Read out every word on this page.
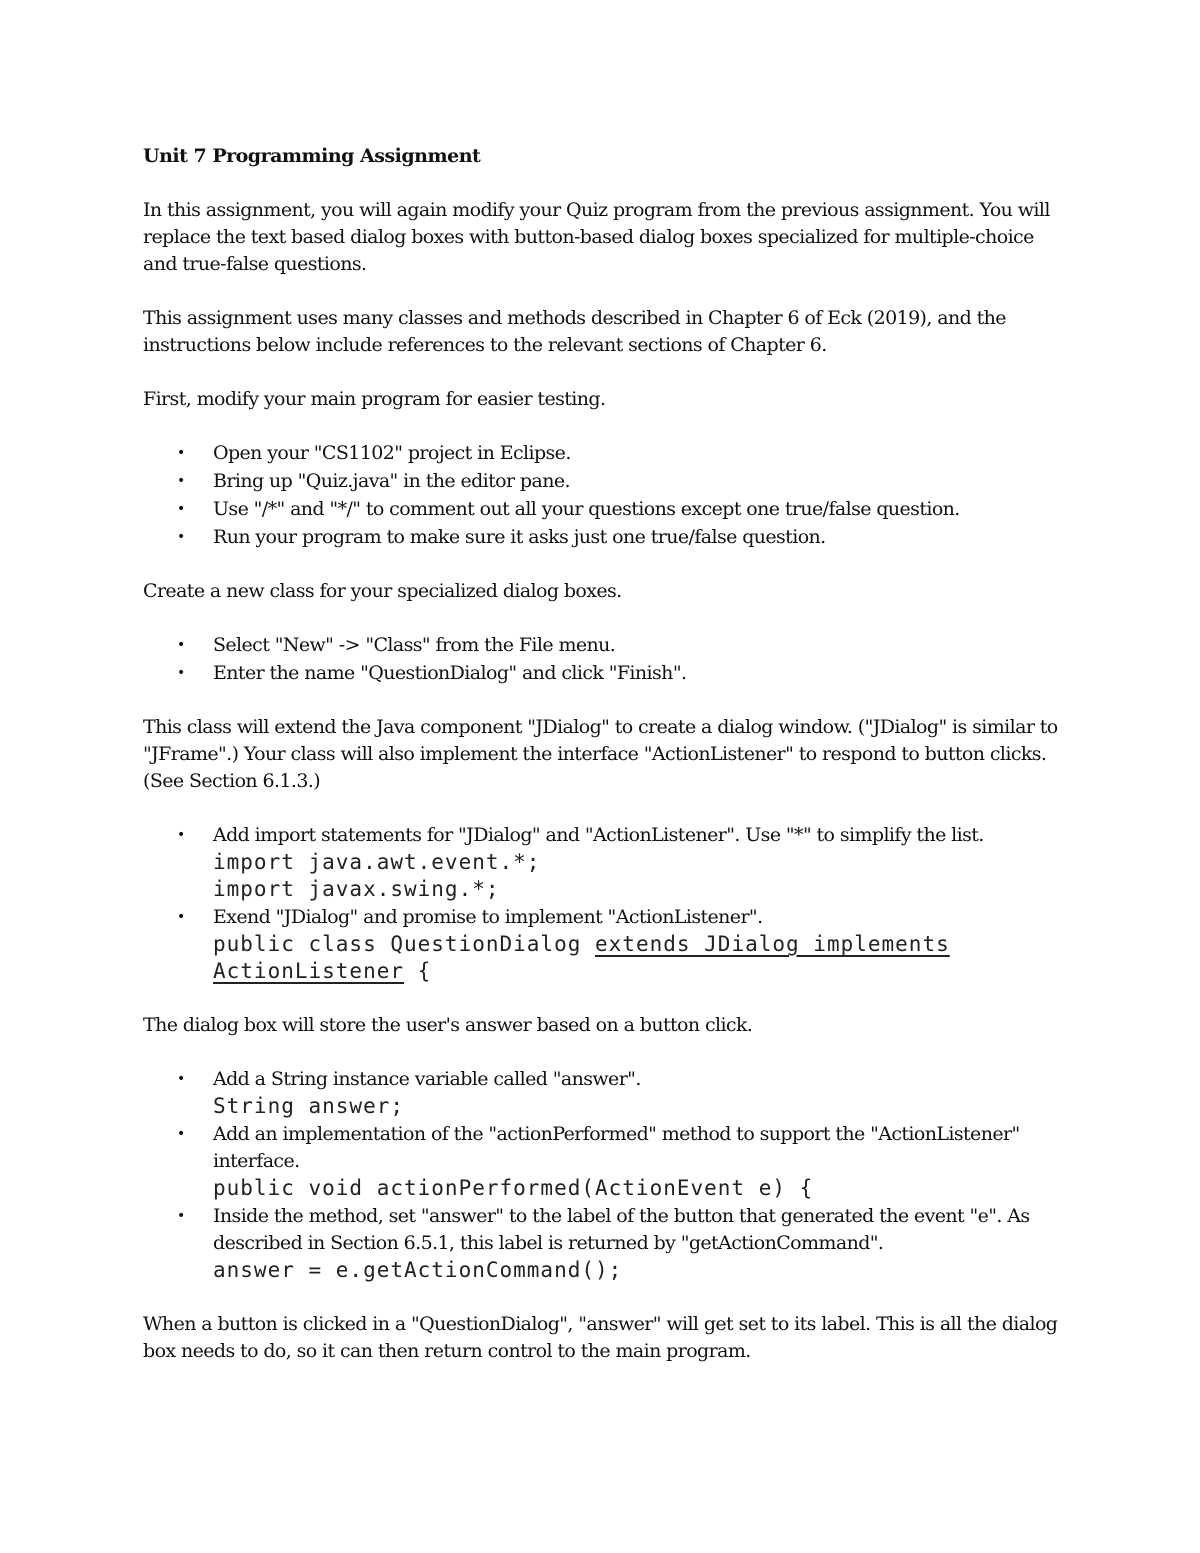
Unit 7 Programming Assignment

In this assignment, you will again modify your Quiz program from the previous assignment. You will replace the text based dialog boxes with button-based dialog boxes specialized for multiple-choice and true-false questions.

This assignment uses many classes and methods described in Chapter 6 of Eck (2019), and the instructions below include references to the relevant sections of Chapter 6.

First, modify your main program for easier testing.

• Open your "CS1102" project in Eclipse.
• Bring up "Quiz.java" in the editor pane.
• Use "/*" and "*/" to comment out all your questions except one true/false question.
• Run your program to make sure it asks just one true/false question.

Create a new class for your specialized dialog boxes.

• Select "New" -> "Class" from the File menu.
• Enter the name "QuestionDialog" and click "Finish".

This class will extend the Java component "JDialog" to create a dialog window. ("JDialog" is similar to "JFrame".) Your class will also implement the interface "ActionListener" to respond to button clicks. (See Section 6.1.3.)

• Add import statements for "JDialog" and "ActionListener". Use "*" to simplify the list.
import java.awt.event.*;
import javax.swing.*;
• Exend "JDialog" and promise to implement "ActionListener".
public class QuestionDialog extends JDialog implements
ActionListener {

The dialog box will store the user's answer based on a button click.

• Add a String instance variable called "answer".
String answer;
• Add an implementation of the "actionPerformed" method to support the "ActionListener" interface.
public void actionPerformed(ActionEvent e) {
• Inside the method, set "answer" to the label of the button that generated the event "e". As described in Section 6.5.1, this label is returned by "getActionCommand".
answer = e.getActionCommand();

When a button is clicked in a "QuestionDialog", "answer" will get set to its label. This is all the dialog box needs to do, so it can then return control to the main program.
